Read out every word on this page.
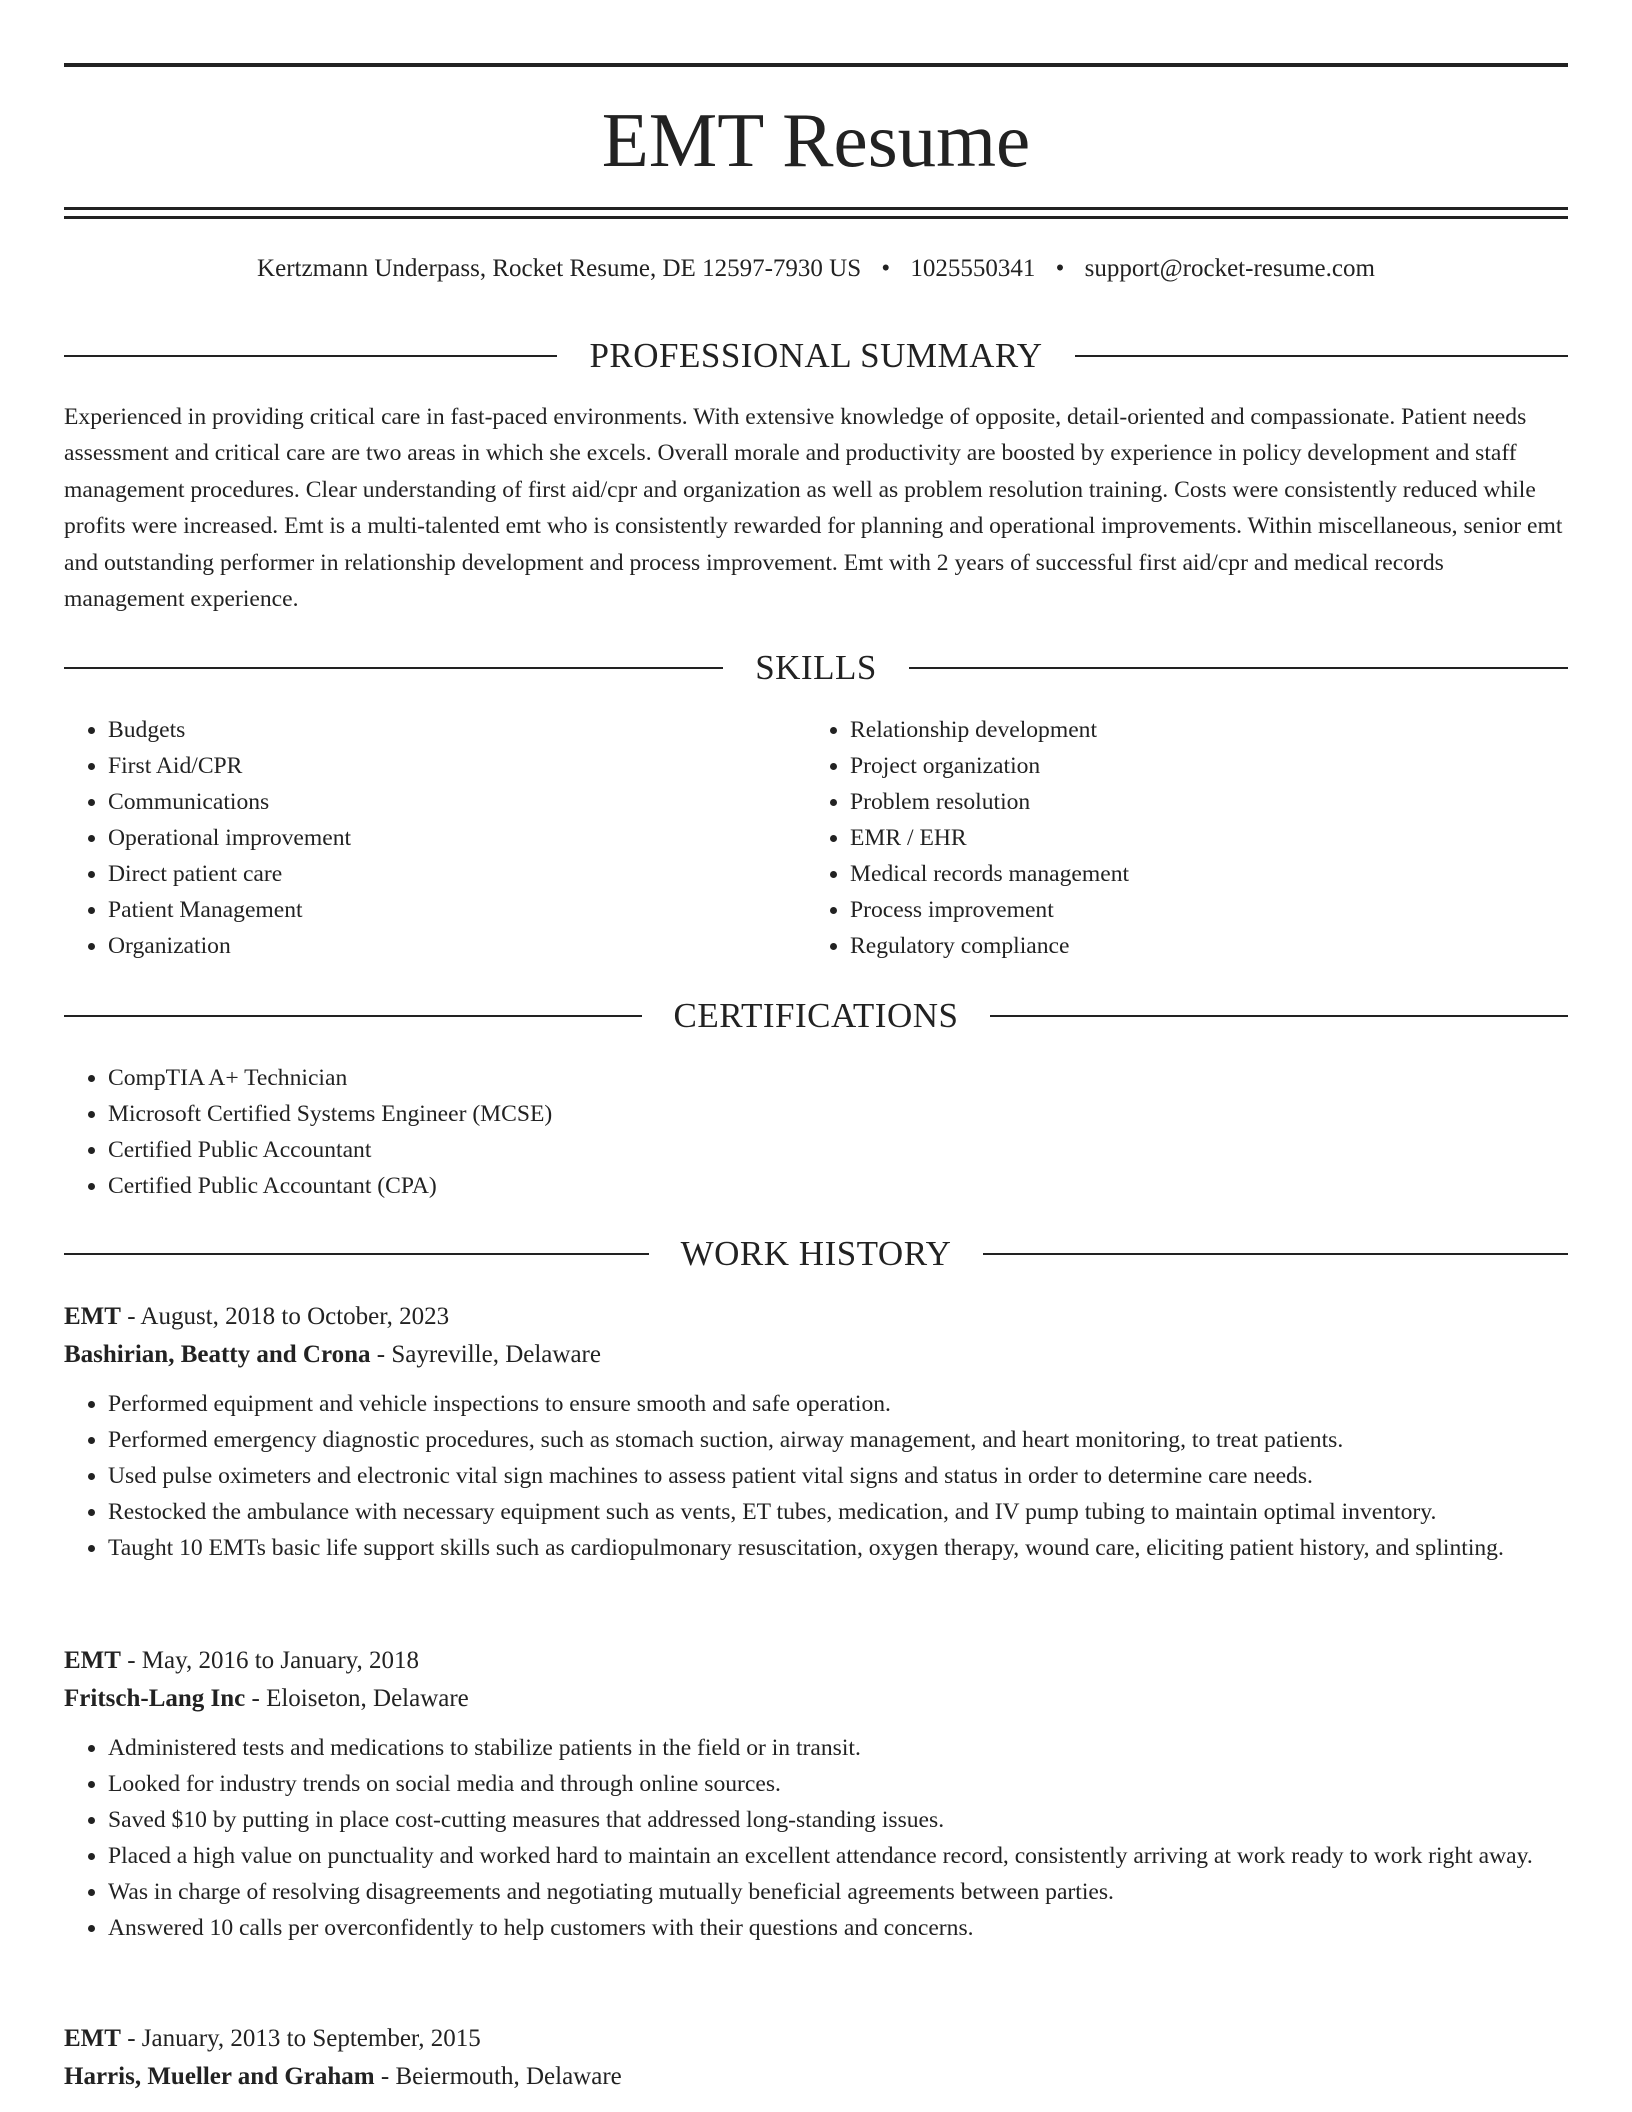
EMT Resume
Kertzmann Underpass, Rocket Resume, DE 12597-7930 US • 1025550341 • support@rocket-resume.com
PROFESSIONAL SUMMARY

Experienced in providing critical care in fast-paced environments. With extensive knowledge of opposite, detail-oriented and compassionate. Patient needs assessment and critical care are two areas in which she excels. Overall morale and productivity are boosted by experience in policy development and staff management procedures. Clear understanding of first aid/cpr and organization as well as problem resolution training. Costs were consistently reduced while profits were increased. Emt is a multi-talented emt who is consistently rewarded for planning and operational improvements. Within miscellaneous, senior emt and outstanding performer in relationship development and process improvement. Emt with 2 years of successful first aid/cpr and medical records management experience.

SKILLS
• Budgets
• First Aid/CPR
• Communications
• Operational improvement
• Direct patient care
• Patient Management
• Organization
• Relationship development
• Project organization
• Problem resolution
• EMR / EHR
• Medical records management
• Process improvement
• Regulatory compliance
CERTIFICATIONS
• CompTIA A+ Technician
• Microsoft Certified Systems Engineer (MCSE)
• Certified Public Accountant
• Certified Public Accountant (CPA)
WORK HISTORY
EMT - August, 2018 to October, 2023
Bashirian, Beatty and Crona - Sayreville, Delaware
• Performed equipment and vehicle inspections to ensure smooth and safe operation.
• Performed emergency diagnostic procedures, such as stomach suction, airway management, and heart monitoring, to treat patients.
• Used pulse oximeters and electronic vital sign machines to assess patient vital signs and status in order to determine care needs.
• Restocked the ambulance with necessary equipment such as vents, ET tubes, medication, and IV pump tubing to maintain optimal inventory.
• Taught 10 EMTs basic life support skills such as cardiopulmonary resuscitation, oxygen therapy, wound care, eliciting patient history, and splinting.
EMT - May, 2016 to January, 2018
Fritsch-Lang Inc - Eloiseton, Delaware
• Administered tests and medications to stabilize patients in the field or in transit.
• Looked for industry trends on social media and through online sources.
• Saved $10 by putting in place cost-cutting measures that addressed long-standing issues.
• Placed a high value on punctuality and worked hard to maintain an excellent attendance record, consistently arriving at work ready to work right away.
• Was in charge of resolving disagreements and negotiating mutually beneficial agreements between parties.
• Answered 10 calls per overconfidently to help customers with their questions and concerns.
EMT - January, 2013 to September, 2015
Harris, Mueller and Graham - Beiermouth, Delaware
